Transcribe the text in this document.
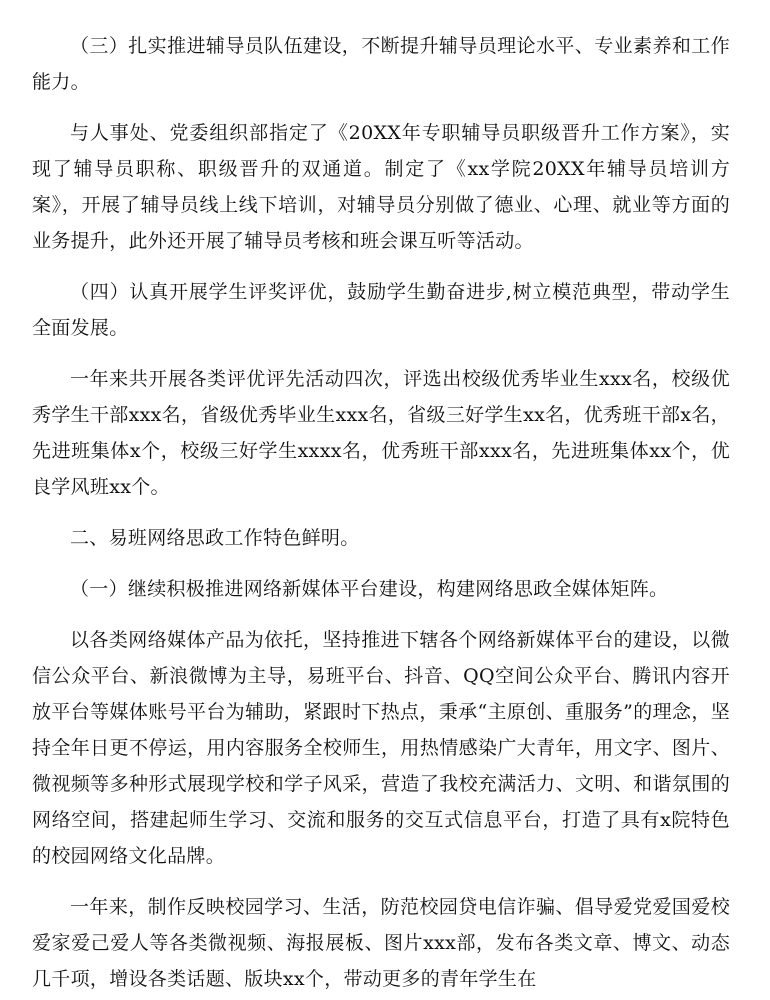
（三）扎实推进辅导员队伍建设，不断提升辅导员理论水平、专业素养和工作能力。

与人事处、党委组织部指定了《20XX年专职辅导员职级晋升工作方案》，实现了辅导员职称、职级晋升的双通道。制定了《xx学院20XX年辅导员培训方案》，开展了辅导员线上线下培训，对辅导员分别做了德业、心理、就业等方面的业务提升，此外还开展了辅导员考核和班会课互听等活动。

（四）认真开展学生评奖评优，鼓励学生勤奋进步,树立模范典型，带动学生全面发展。

一年来共开展各类评优评先活动四次，评选出校级优秀毕业生xxx名，校级优秀学生干部xxx名，省级优秀毕业生xxx名，省级三好学生xx名，优秀班干部x名，先进班集体x个，校级三好学生xxxx名，优秀班干部xxx名，先进班集体xx个，优良学风班xx个。

二、易班网络思政工作特色鲜明。

（一）继续积极推进网络新媒体平台建设，构建网络思政全媒体矩阵。

以各类网络媒体产品为依托，坚持推进下辖各个网络新媒体平台的建设，以微信公众平台、新浪微博为主导，易班平台、抖音、QQ空间公众平台、腾讯内容开放平台等媒体账号平台为辅助，紧跟时下热点，秉承“主原创、重服务”的理念，坚持全年日更不停运，用内容服务全校师生，用热情感染广大青年，用文字、图片、微视频等多种形式展现学校和学子风采，营造了我校充满活力、文明、和谐氛围的网络空间，搭建起师生学习、交流和服务的交互式信息平台，打造了具有x院特色的校园网络文化品牌。

一年来，制作反映校园学习、生活，防范校园贷电信诈骗、倡导爱党爱国爱校爱家爱己爱人等各类微视频、海报展板、图片xxx部，发布各类文章、博文、动态几千项，增设各类话题、版块xx个，带动更多的青年学生在
